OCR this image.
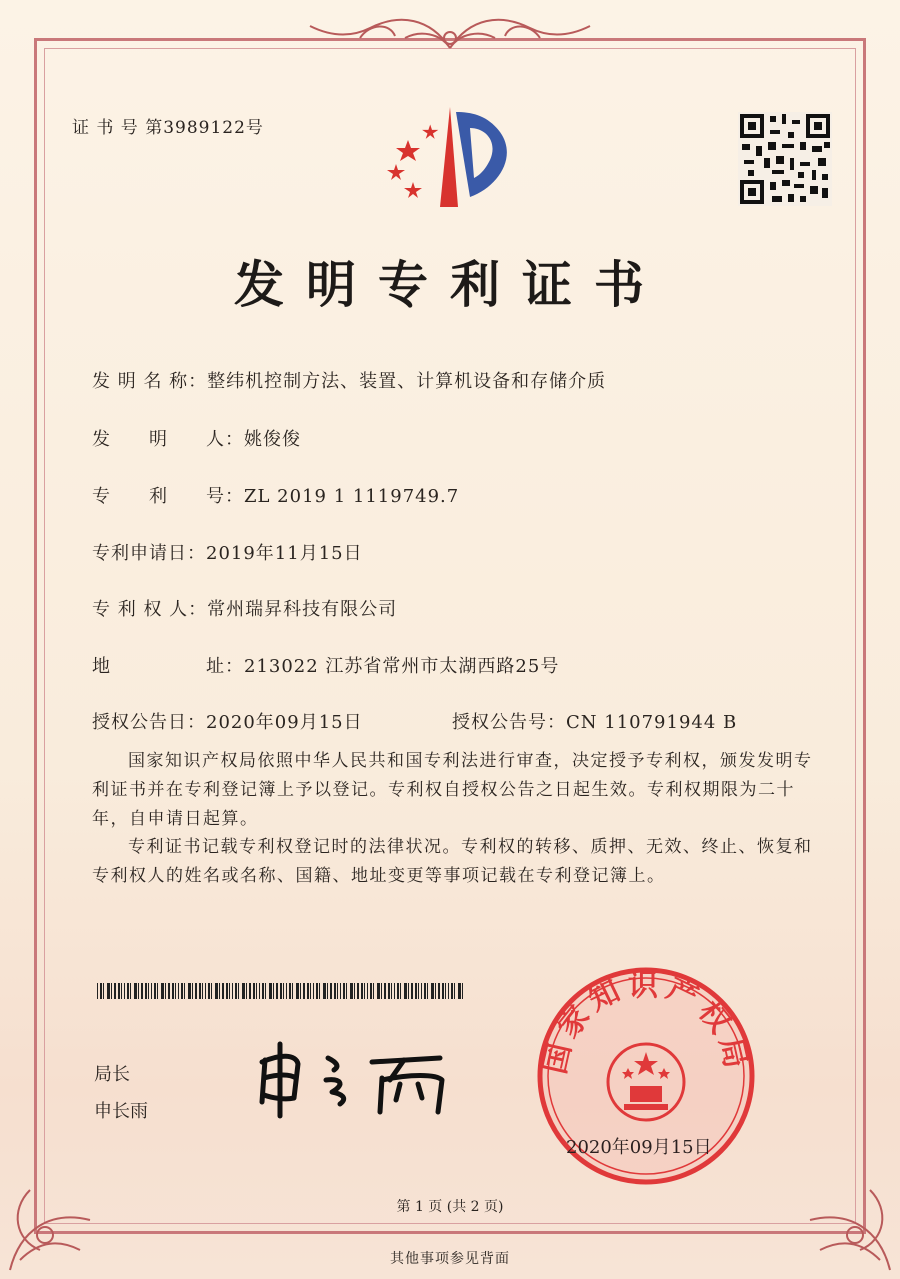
证 书 号 第3989122号
发明专利证书
发 明 名 称：整纬机控制方法、装置、计算机设备和存储介质
发　　明　　人：姚俊俊
专　　利　　号：ZL 2019 1 1119749.7
专利申请日：2019年11月15日
专 利 权 人：常州瑞昇科技有限公司
地　　　　　址：213022 江苏省常州市太湖西路25号
授权公告日：2020年09月15日	授权公告号：CN 110791944 B
国家知识产权局依照中华人民共和国专利法进行审查，决定授予专利权，颁发发明专利证书并在专利登记簿上予以登记。专利权自授权公告之日起生效。专利权期限为二十年，自申请日起算。
专利证书记载专利权登记时的法律状况。专利权的转移、质押、无效、终止、恢复和专利权人的姓名或名称、国籍、地址变更等事项记载在专利登记簿上。
局长
申长雨
国家知识产权局
2020年09月15日
第 1 页 (共 2 页)
其他事项参见背面
